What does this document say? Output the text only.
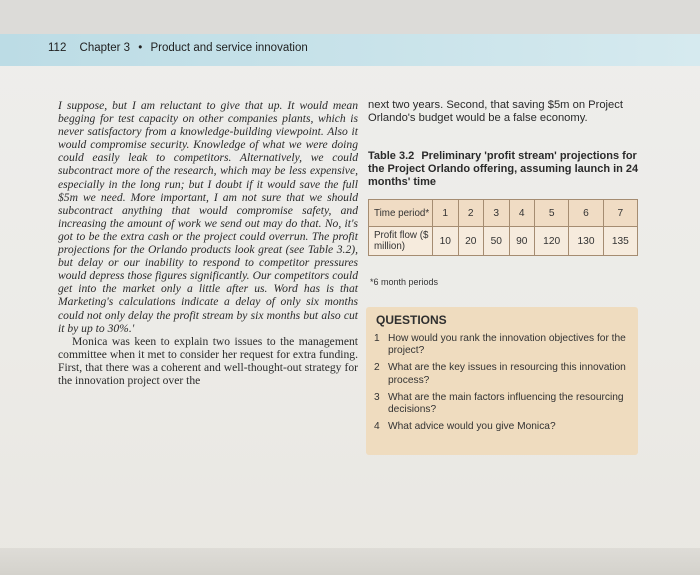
112 Chapter 3 • Product and service innovation

I suppose, but I am reluctant to give that up. It would mean begging for test capacity on other companies plants, which is never satisfactory from a knowledge-building viewpoint. Also it would compromise security. Knowledge of what we were doing could easily leak to competitors. Alternatively, we could subcontract more of the research, which may be less expensive, especially in the long run; but I doubt if it would save the full $5m we need. More important, I am not sure that we should subcontract anything that would compromise safety, and increasing the amount of work we send out may do that. No, it's got to be the extra cash or the project could overrun. The profit projections for the Orlando products look great (see Table 3.2), but delay or our inability to respond to competitor pressures would depress those figures significantly. Our competitors could get into the market only a little after us. Word has is that Marketing's calculations indicate a delay of only six months could not only delay the profit stream by six months but also cut it by up to 30%.'

Monica was keen to explain two issues to the management committee when it met to consider her request for extra funding. First, that there was a coherent and well-thought-out strategy for the innovation project over the

next two years. Second, that saving $5m on Project Orlando's budget would be a false economy.

Table 3.2 Preliminary 'profit stream' projections for the Project Orlando offering, assuming launch in 24 months' time
Time period*	1	2	3	4	5	6	7
Profit flow ($ million)	10	20	50	90	120	130	135
*6 month periods
QUESTIONS
1 How would you rank the innovation objectives for the project?
2 What are the key issues in resourcing this innovation process?
3 What are the main factors influencing the resourcing decisions?
4 What advice would you give Monica?
